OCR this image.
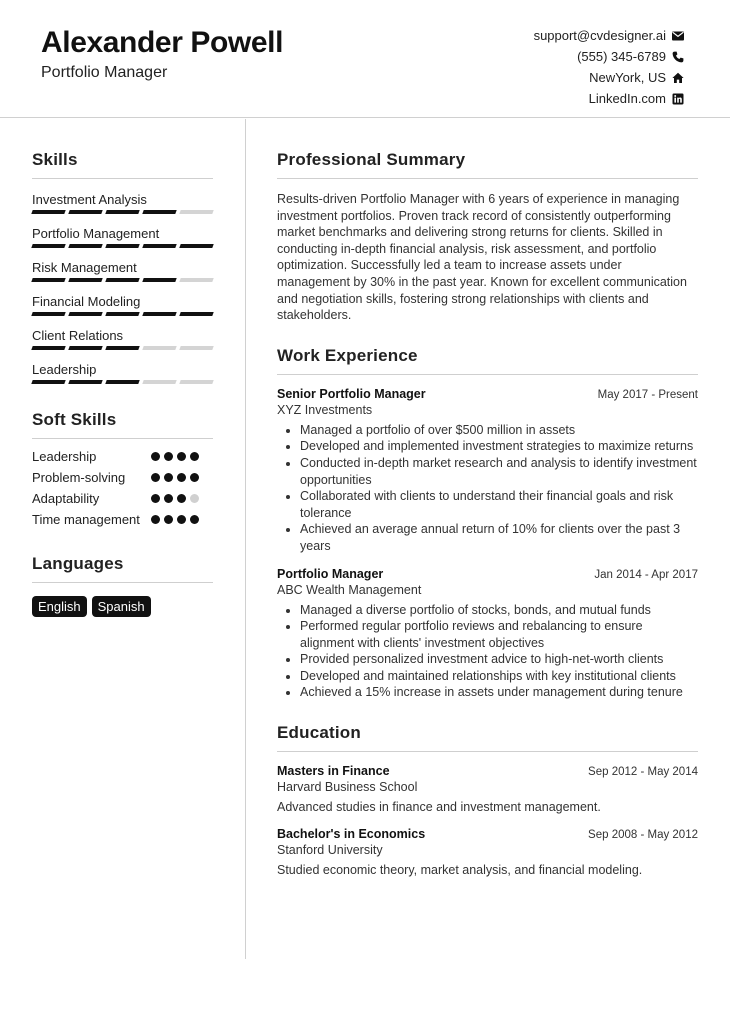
Alexander Powell
Portfolio Manager
support@cvdesigner.ai
(555) 345-6789
NewYork, US
LinkedIn.com
Skills
Investment Analysis
Portfolio Management
Risk Management
Financial Modeling
Client Relations
Leadership
Soft Skills
Leadership
Problem-solving
Adaptability
Time management
Languages
English	Spanish
Professional Summary
Results-driven Portfolio Manager with 6 years of experience in managing investment portfolios. Proven track record of consistently outperforming market benchmarks and delivering strong returns for clients. Skilled in conducting in-depth financial analysis, risk assessment, and portfolio optimization. Successfully led a team to increase assets under management by 30% in the past year. Known for excellent communication and negotiation skills, fostering strong relationships with clients and stakeholders.
Work Experience
Senior Portfolio Manager	May 2017 - Present
XYZ Investments
• Managed a portfolio of over $500 million in assets
• Developed and implemented investment strategies to maximize returns
• Conducted in-depth market research and analysis to identify investment opportunities
• Collaborated with clients to understand their financial goals and risk tolerance
• Achieved an average annual return of 10% for clients over the past 3 years
Portfolio Manager	Jan 2014 - Apr 2017
ABC Wealth Management
• Managed a diverse portfolio of stocks, bonds, and mutual funds
• Performed regular portfolio reviews and rebalancing to ensure alignment with clients' investment objectives
• Provided personalized investment advice to high-net-worth clients
• Developed and maintained relationships with key institutional clients
• Achieved a 15% increase in assets under management during tenure
Education
Masters in Finance	Sep 2012 - May 2014
Harvard Business School
Advanced studies in finance and investment management.
Bachelor's in Economics	Sep 2008 - May 2012
Stanford University
Studied economic theory, market analysis, and financial modeling.
